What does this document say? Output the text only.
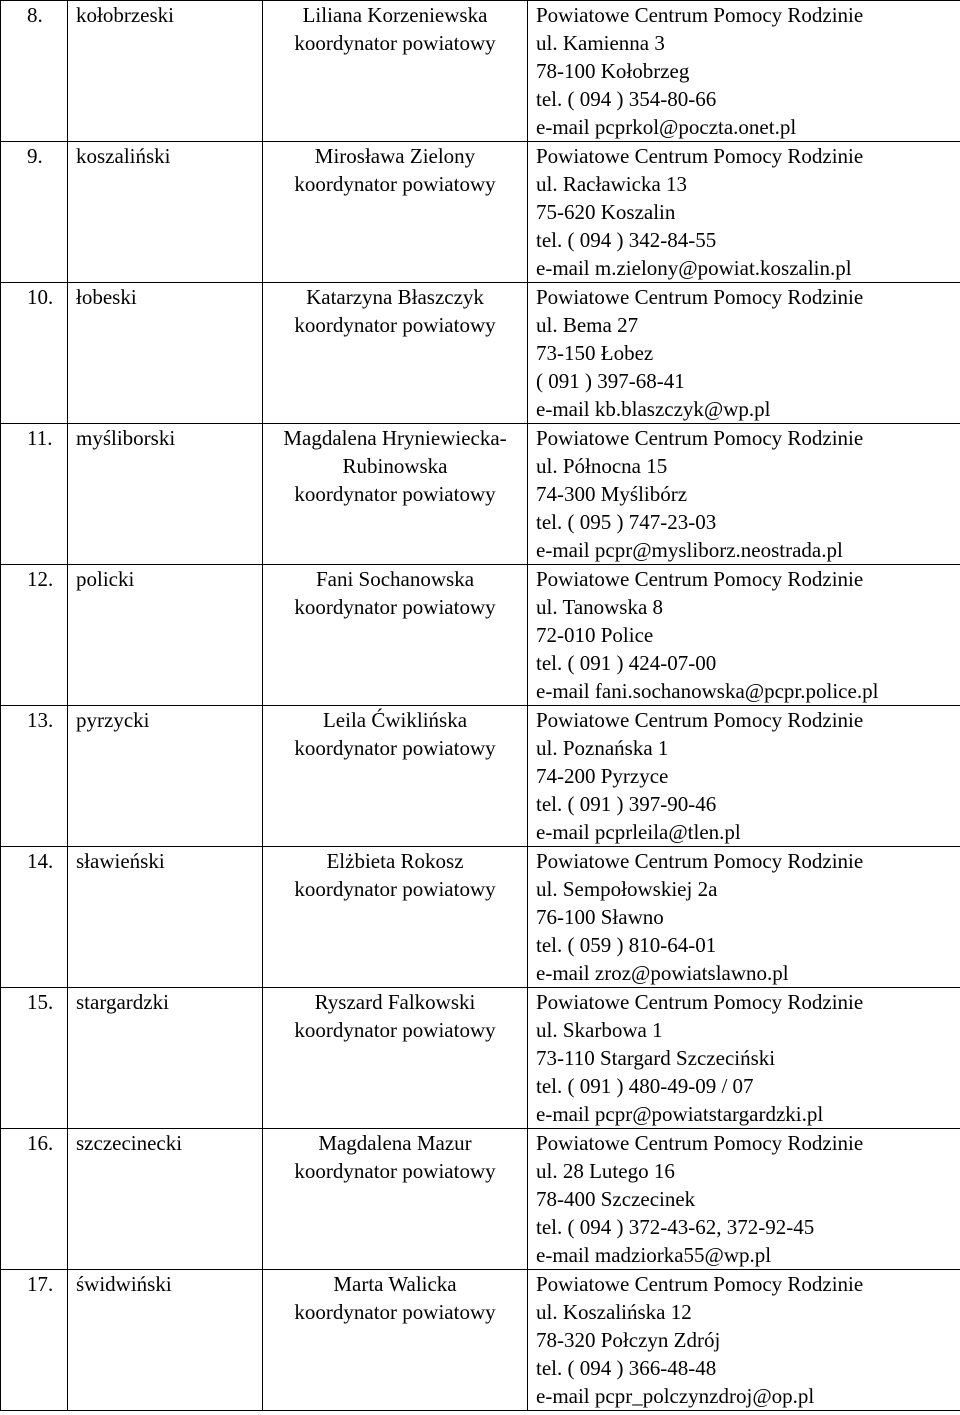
8.	kołobrzeski	Liliana Korzeniewska
koordynator powiatowy	Powiatowe Centrum Pomocy Rodzinie
ul. Kamienna 3
78-100 Kołobrzeg
tel. ( 094 ) 354-80-66
e-mail pcprkol@poczta.onet.pl

9.	koszaliński	Mirosława Zielony
koordynator powiatowy	Powiatowe Centrum Pomocy Rodzinie
ul. Racławicka 13
75-620 Koszalin
tel. ( 094 ) 342-84-55
e-mail m.zielony@powiat.koszalin.pl

10.	łobeski	Katarzyna Błaszczyk
koordynator powiatowy	Powiatowe Centrum Pomocy Rodzinie
ul. Bema 27
73-150 Łobez
( 091 ) 397-68-41
e-mail kb.blaszczyk@wp.pl

11.	myśliborski	Magdalena Hryniewiecka-Rubinowska
koordynator powiatowy	Powiatowe Centrum Pomocy Rodzinie
ul. Północna 15
74-300 Myślibórz
tel. ( 095 ) 747-23-03
e-mail pcpr@mysliborz.neostrada.pl

12.	policki	Fani Sochanowska
koordynator powiatowy	Powiatowe Centrum Pomocy Rodzinie
ul. Tanowska 8
72-010 Police
tel. ( 091 ) 424-07-00
e-mail fani.sochanowska@pcpr.police.pl

13.	pyrzycki	Leila Ćwiklińska
koordynator powiatowy	Powiatowe Centrum Pomocy Rodzinie
ul. Poznańska 1
74-200 Pyrzyce
tel. ( 091 ) 397-90-46
e-mail pcprleila@tlen.pl

14.	sławieński	Elżbieta Rokosz
koordynator powiatowy	Powiatowe Centrum Pomocy Rodzinie
ul. Sempołowskiej 2a
76-100 Sławno
tel. ( 059 ) 810-64-01
e-mail zroz@powiatslawno.pl

15.	stargardzki	Ryszard Falkowski
koordynator powiatowy	Powiatowe Centrum Pomocy Rodzinie
ul. Skarbowa 1
73-110 Stargard Szczeciński
tel. ( 091 ) 480-49-09 / 07
e-mail pcpr@powiatstargardzki.pl

16.	szczecinecki	Magdalena Mazur
koordynator powiatowy	Powiatowe Centrum Pomocy Rodzinie
ul. 28 Lutego 16
78-400 Szczecinek
tel. ( 094 ) 372-43-62, 372-92-45
e-mail madziorka55@wp.pl

17.	świdwiński	Marta Walicka
koordynator powiatowy	Powiatowe Centrum Pomocy Rodzinie
ul. Koszalińska 12
78-320 Połczyn Zdrój
tel. ( 094 ) 366-48-48
e-mail pcpr_polczynzdroj@op.pl
